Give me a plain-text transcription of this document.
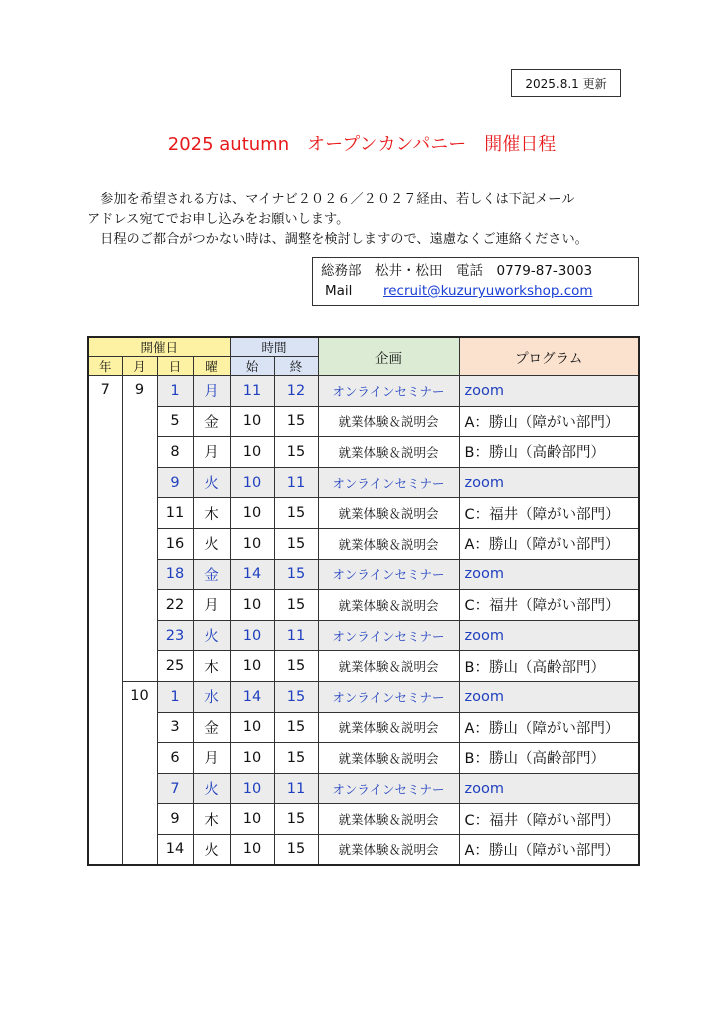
2025.8.1 更新
2025 autumn　オープンカンパニー　開催日程
　参加を希望される方は、マイナビ２０２６／２０２７経由、若しくは下記メール
アドレス宛てでお申し込みをお願いします。
　日程のご都合がつかない時は、調整を検討しますので、遠慮なくご連絡ください。
総務部　松井・松田　電話　0779-87-3003
Mail	recruit@kuzuryuworkshop.com
開催日				時間		企画	プログラム
年	月	日	曜	始	終		
7	9	1	月	11	12	オンラインセミナー	zoom
		5	金	10	15	就業体験＆説明会	A：勝山（障がい部門）
		8	月	10	15	就業体験＆説明会	B：勝山（高齢部門）
		9	火	10	11	オンラインセミナー	zoom
		11	木	10	15	就業体験＆説明会	C：福井（障がい部門）
		16	火	10	15	就業体験＆説明会	A：勝山（障がい部門）
		18	金	14	15	オンラインセミナー	zoom
		22	月	10	15	就業体験＆説明会	C：福井（障がい部門）
		23	火	10	11	オンラインセミナー	zoom
		25	木	10	15	就業体験＆説明会	B：勝山（高齢部門）
	10	1	水	14	15	オンラインセミナー	zoom
		3	金	10	15	就業体験＆説明会	A：勝山（障がい部門）
		6	月	10	15	就業体験＆説明会	B：勝山（高齢部門）
		7	火	10	11	オンラインセミナー	zoom
		9	木	10	15	就業体験＆説明会	C：福井（障がい部門）
		14	火	10	15	就業体験＆説明会	A：勝山（障がい部門）
